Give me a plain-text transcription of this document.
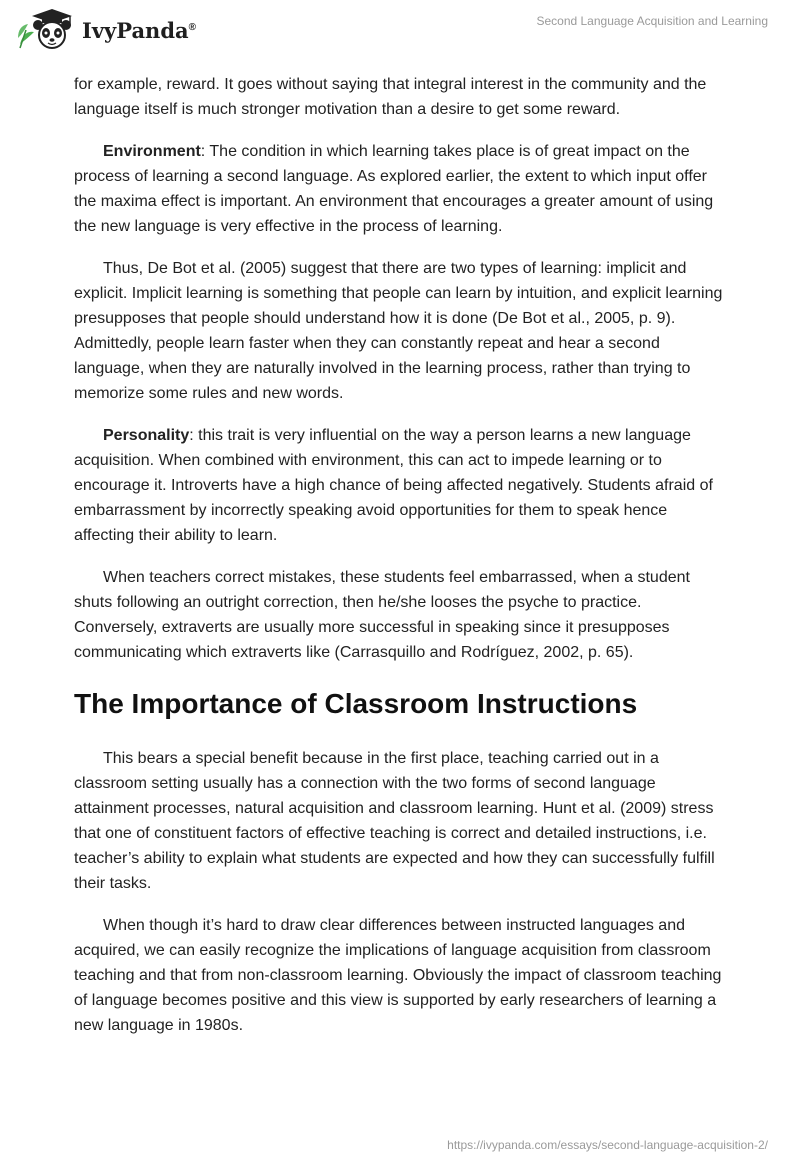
IvyPanda®	Second Language Acquisition and Learning

for example, reward. It goes without saying that integral interest in the community and the language itself is much stronger motivation than a desire to get some reward.

Environment: The condition in which learning takes place is of great impact on the process of learning a second language. As explored earlier, the extent to which input offer the maxima effect is important. An environment that encourages a greater amount of using the new language is very effective in the process of learning.

Thus, De Bot et al. (2005) suggest that there are two types of learning: implicit and explicit. Implicit learning is something that people can learn by intuition, and explicit learning presupposes that people should understand how it is done (De Bot et al., 2005, p. 9). Admittedly, people learn faster when they can constantly repeat and hear a second language, when they are naturally involved in the learning process, rather than trying to memorize some rules and new words.

Personality: this trait is very influential on the way a person learns a new language acquisition. When combined with environment, this can act to impede learning or to encourage it. Introverts have a high chance of being affected negatively. Students afraid of embarrassment by incorrectly speaking avoid opportunities for them to speak hence affecting their ability to learn.

When teachers correct mistakes, these students feel embarrassed, when a student shuts following an outright correction, then he/she looses the psyche to practice. Conversely, extraverts are usually more successful in speaking since it presupposes communicating which extraverts like (Carrasquillo and Rodríguez, 2002, p. 65).

The Importance of Classroom Instructions

This bears a special benefit because in the first place, teaching carried out in a classroom setting usually has a connection with the two forms of second language attainment processes, natural acquisition and classroom learning. Hunt et al. (2009) stress that one of constituent factors of effective teaching is correct and detailed instructions, i.e. teacher’s ability to explain what students are expected and how they can successfully fulfill their tasks.

When though it’s hard to draw clear differences between instructed languages and acquired, we can easily recognize the implications of language acquisition from classroom teaching and that from non-classroom learning. Obviously the impact of classroom teaching of language becomes positive and this view is supported by early researchers of learning a new language in 1980s.

https://ivypanda.com/essays/second-language-acquisition-2/
